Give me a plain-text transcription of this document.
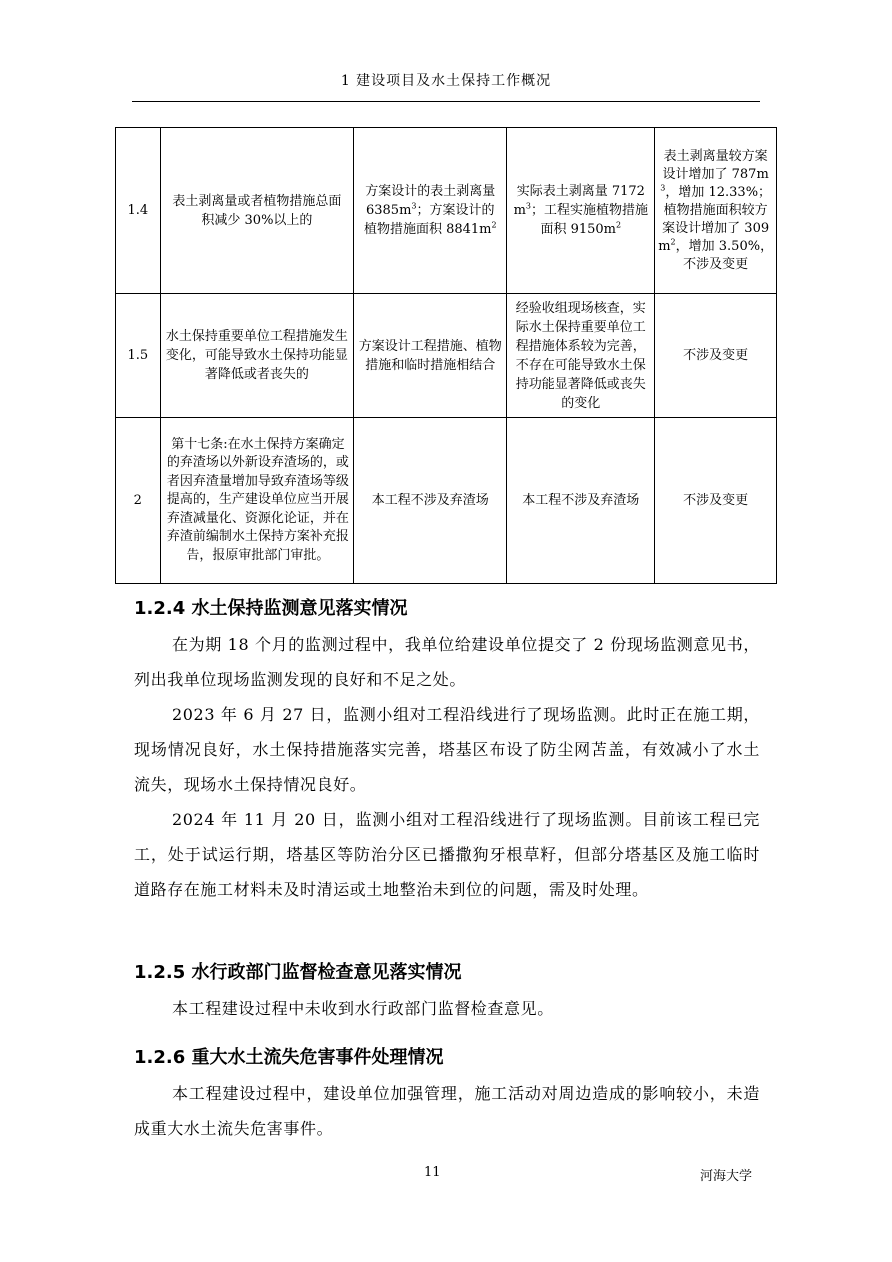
1 建设项目及水土保持工作概况
1.4	表土剥离量或者植物措施总面积减少 30%以上的	方案设计的表土剥离量 $6385m^3$；方案设计的植物措施面积 $8841m^2$	实际表土剥离量 $7172m^3$；工程实施植物措施面积 $9150m^2$	表土剥离量较方案设计增加了 $787m^3$，增加 12.33%；植物措施面积较方案设计增加了 $309m^2$，增加 3.50%，不涉及变更
1.5	水土保持重要单位工程措施发生变化，可能导致水土保持功能显著降低或者丧失的	方案设计工程措施、植物措施和临时措施相结合	经验收组现场核查，实际水土保持重要单位工程措施体系较为完善，不存在可能导致水土保持功能显著降低或丧失的变化	不涉及变更
2	第十七条:在水土保持方案确定的弃渣场以外新设弃渣场的，或者因弃渣量增加导致弃渣场等级提高的，生产建设单位应当开展弃渣减量化、资源化论证，并在弃渣前编制水土保持方案补充报告，报原审批部门审批。	本工程不涉及弃渣场	本工程不涉及弃渣场	不涉及变更
1.2.4 水土保持监测意见落实情况
在为期 18 个月的监测过程中，我单位给建设单位提交了 2 份现场监测意见书，列出我单位现场监测发现的良好和不足之处。
2023 年 6 月 27 日，监测小组对工程沿线进行了现场监测。此时正在施工期，现场情况良好，水土保持措施落实完善，塔基区布设了防尘网苫盖，有效减小了水土流失，现场水土保持情况良好。
2024 年 11 月 20 日，监测小组对工程沿线进行了现场监测。目前该工程已完工，处于试运行期，塔基区等防治分区已播撒狗牙根草籽，但部分塔基区及施工临时道路存在施工材料未及时清运或土地整治未到位的问题，需及时处理。
1.2.5 水行政部门监督检查意见落实情况
本工程建设过程中未收到水行政部门监督检查意见。
1.2.6 重大水土流失危害事件处理情况
本工程建设过程中，建设单位加强管理，施工活动对周边造成的影响较小，未造成重大水土流失危害事件。
11	河海大学
